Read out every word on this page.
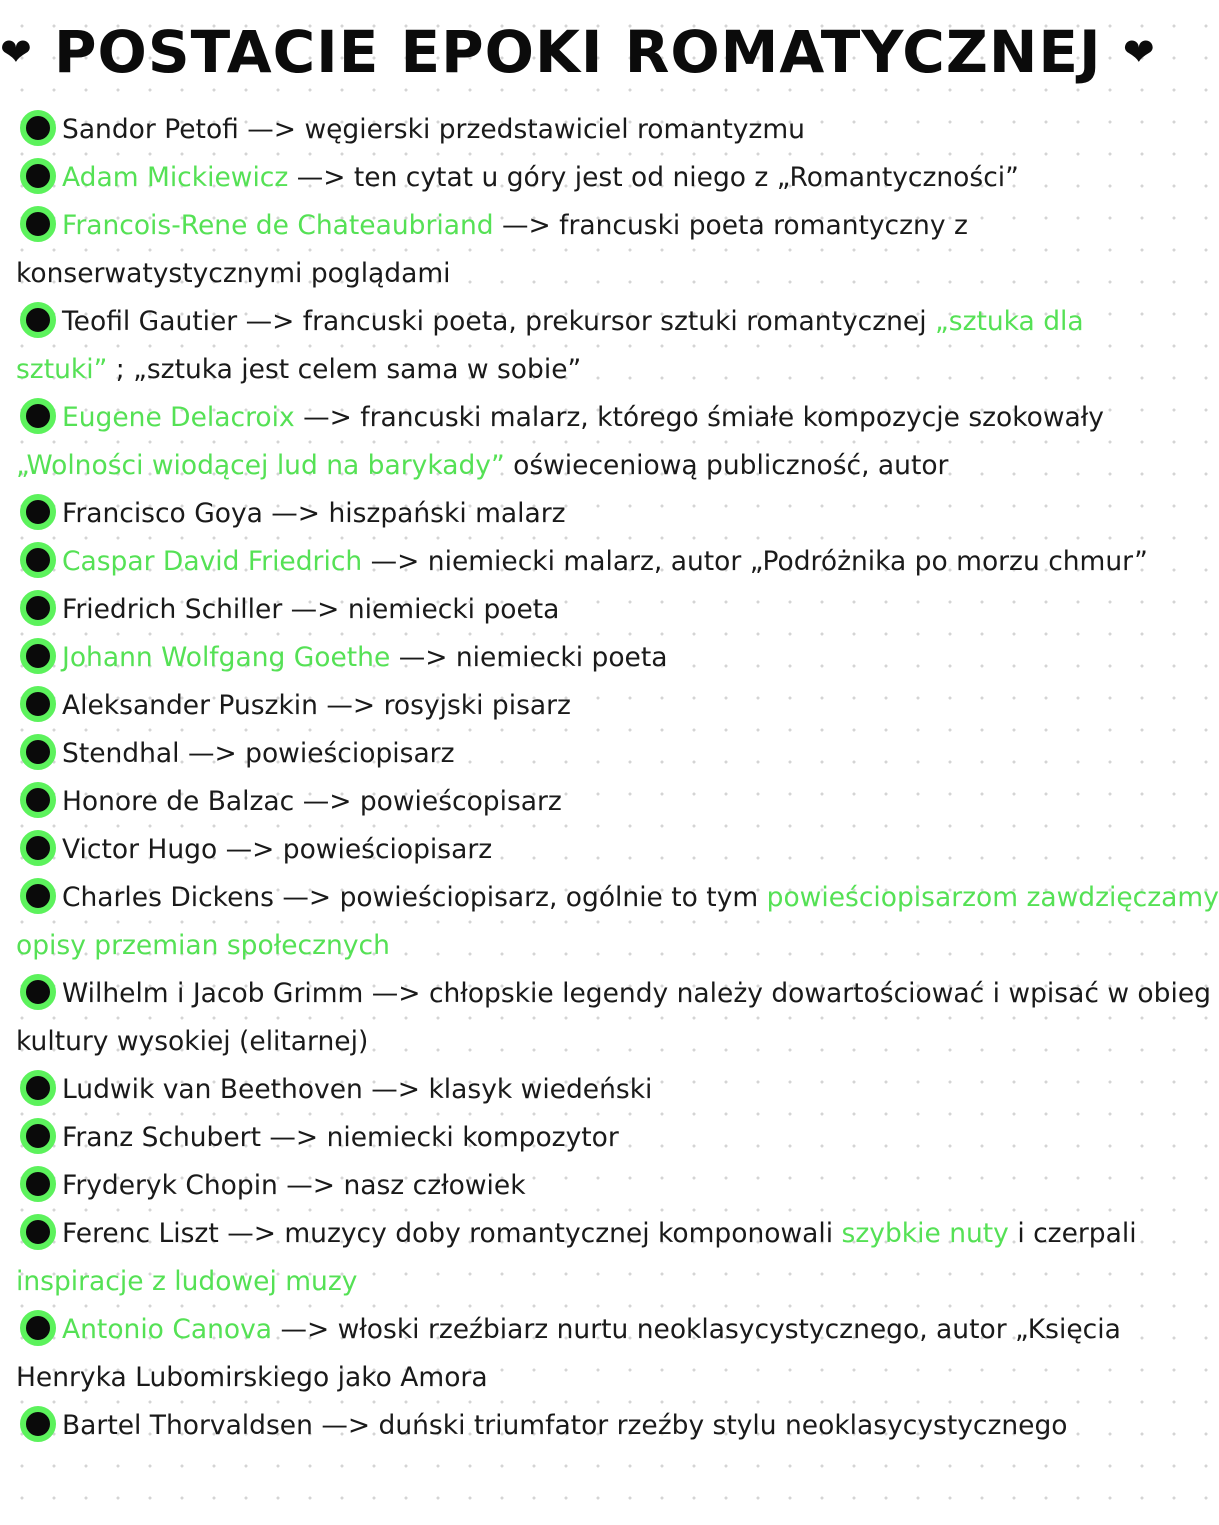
❤ POSTACIE EPOKI ROMATYCZNEJ ❤
Sandor Petofi —> węgierski przedstawiciel romantyzmu
Adam Mickiewicz —> ten cytat u góry jest od niego z „Romantyczności”
Francois-Rene de Chateaubriand —> francuski poeta romantyczny z
konserwatystycznymi poglądami
Teofil Gautier —> francuski poeta, prekursor sztuki romantycznej „sztuka dla
sztuki” ; „sztuka jest celem sama w sobie”
Eugene Delacroix —> francuski malarz, którego śmiałe kompozycje szokowały
„Wolności wiodącej lud na barykady” oświeceniową publiczność, autor
Francisco Goya —> hiszpański malarz
Caspar David Friedrich —> niemiecki malarz, autor „Podróżnika po morzu chmur”
Friedrich Schiller —> niemiecki poeta
Johann Wolfgang Goethe —> niemiecki poeta
Aleksander Puszkin —> rosyjski pisarz
Stendhal —> powieściopisarz
Honore de Balzac —> powieścopisarz
Victor Hugo —> powieściopisarz
Charles Dickens —> powieściopisarz, ogólnie to tym powieściopisarzom zawdzięczamy
opisy przemian społecznych
Wilhelm i Jacob Grimm —> chłopskie legendy należy dowartościować i wpisać w obieg
kultury wysokiej (elitarnej)
Ludwik van Beethoven —> klasyk wiedeński
Franz Schubert —> niemiecki kompozytor
Fryderyk Chopin —> nasz człowiek
Ferenc Liszt —> muzycy doby romantycznej komponowali szybkie nuty i czerpali
inspiracje z ludowej muzy
Antonio Canova —> włoski rzeźbiarz nurtu neoklasycystycznego, autor „Księcia
Henryka Lubomirskiego jako Amora
Bartel Thorvaldsen —> duński triumfator rzeźby stylu neoklasycystycznego
